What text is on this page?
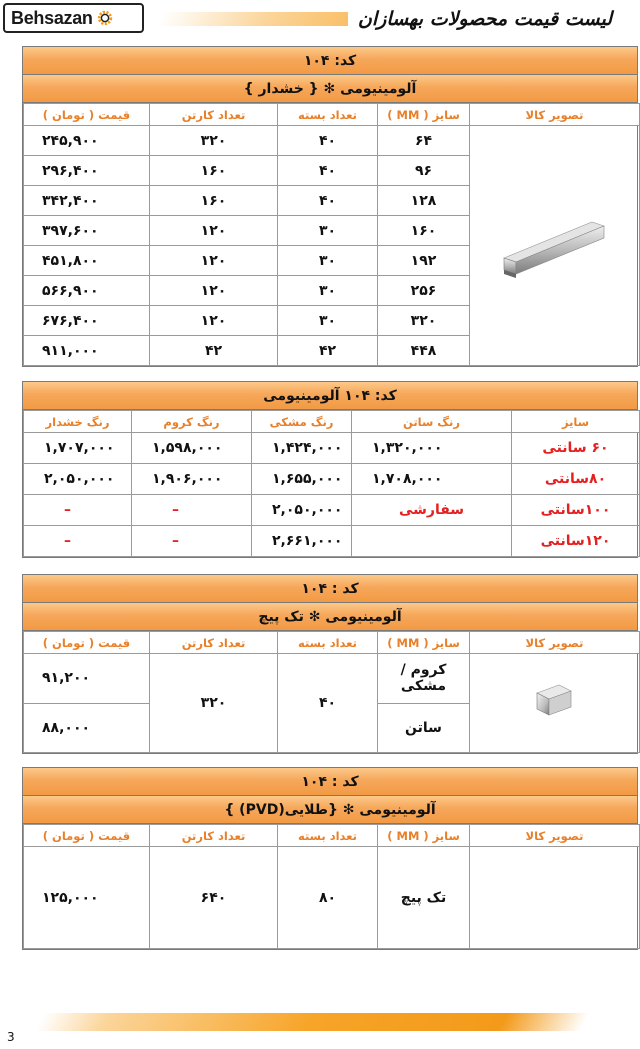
Behsazan	لیست قیمت محصولات بهسازان
کد: ۱۰۴
آلومینیومی ✻ { خشدار }
تصویر کالا	سایز ( MM )	تعداد بسته	تعداد کارتن	قیمت ( تومان )
	۶۴	۴۰	۳۲۰	۲۴۵,۹۰۰
	۹۶	۴۰	۱۶۰	۲۹۶,۴۰۰
	۱۲۸	۴۰	۱۶۰	۳۴۲,۴۰۰
	۱۶۰	۳۰	۱۲۰	۳۹۷,۶۰۰
	۱۹۲	۳۰	۱۲۰	۴۵۱,۸۰۰
	۲۵۶	۳۰	۱۲۰	۵۶۶,۹۰۰
	۳۲۰	۳۰	۱۲۰	۶۷۶,۴۰۰
	۴۴۸	۴۲	۴۲	۹۱۱,۰۰۰
کد: ۱۰۴ آلومینیومی
سایز	رنگ ساتن	رنگ مشکی	رنگ کروم	رنگ خشدار
۶۰ سانتی	۱,۳۲۰,۰۰۰	۱,۴۲۴,۰۰۰	۱,۵۹۸,۰۰۰	۱,۷۰۷,۰۰۰
۸۰سانتی	۱,۷۰۸,۰۰۰	۱,۶۵۵,۰۰۰	۱,۹۰۶,۰۰۰	۲,۰۵۰,۰۰۰
۱۰۰سانتی	سفارشی	۲,۰۵۰,۰۰۰	–	–
۱۲۰سانتی		۲,۶۶۱,۰۰۰	–	–
کد : ۱۰۴
آلومینیومی ✻ تک پیچ
تصویر کالا	سایز ( MM )	تعداد بسته	تعداد کارتن	قیمت ( تومان )
	کروم / مشکی	۴۰	۳۲۰	۹۱,۲۰۰
	ساتن			۸۸,۰۰۰
کد : ۱۰۴
آلومینیومی ✻ {طلایی(PVD) }
تصویر کالا	سایز ( MM )	تعداد بسته	تعداد کارتن	قیمت ( تومان )
	تک پیچ	۸۰	۶۴۰	۱۲۵,۰۰۰
3
